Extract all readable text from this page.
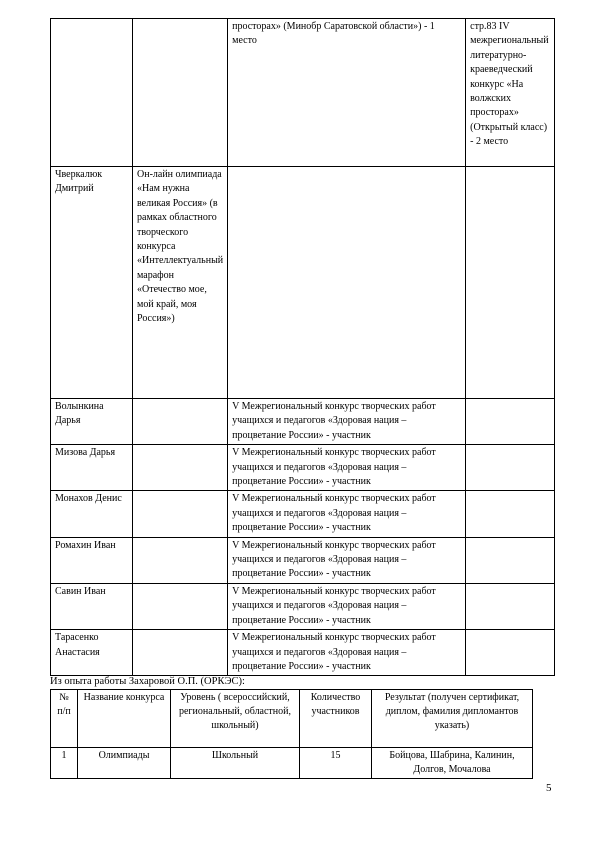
		просторах» (Минобр Саратовской области») - 1 место	стр.83 IV межрегиональный литературно-краеведческий конкурс «На волжских просторах» (Открытый класс) - 2 место
Чверкалюк Дмитрий	Он-лайн олимпиада «Нам нужна великая Россия» (в рамках областного творческого конкурса «Интеллектуальный марафон «Отечество мое, мой край, моя Россия»)		
Волынкина Дарья		V Межрегиональный конкурс творческих работ учащихся и педагогов «Здоровая нация – процветание России» - участник	
Мизова Дарья		V Межрегиональный конкурс творческих работ учащихся и педагогов «Здоровая нация – процветание России» - участник	
Монахов Денис		V Межрегиональный конкурс творческих работ учащихся и педагогов «Здоровая нация – процветание России» - участник	
Ромахин Иван		V Межрегиональный конкурс творческих работ учащихся и педагогов «Здоровая нация – процветание России» - участник	
Савин Иван		V Межрегиональный конкурс творческих работ учащихся и педагогов «Здоровая нация – процветание России» - участник	
Тарасенко Анастасия		V Межрегиональный конкурс творческих работ учащихся и педагогов «Здоровая нация – процветание России» - участник	
Из опыта работы Захаровой О.П. (ОРКЭС):
№ п/п	Название конкурса	Уровень ( всероссийский, региональный, областной, школьный)	Количество участников	Результат (получен сертификат, диплом, фамилия дипломантов указать)
1	Олимпиады	Школьный	15	Бойцова, Шабрина, Калинин, Долгов, Мочалова
5
